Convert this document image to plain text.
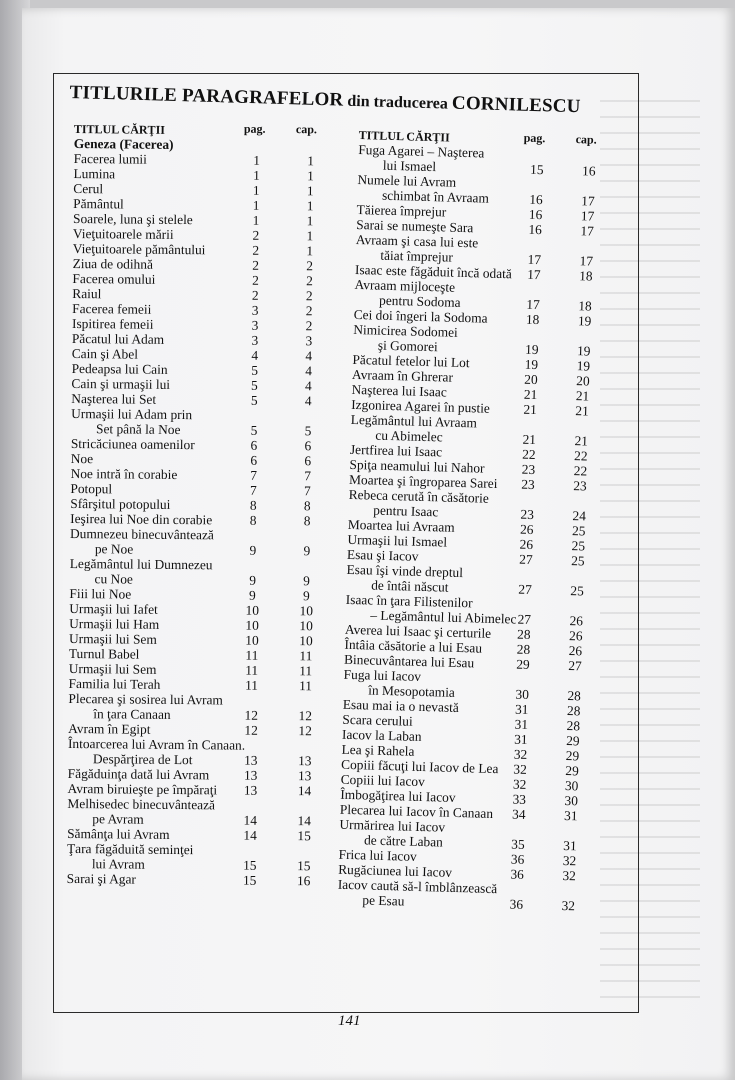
TITLURILE PARAGRAFELOR din traducerea CORNILESCU
TITLUL CĂRŢII	pag.	cap.
Geneza (Facerea)
Facerea lumii	1	1
Lumina	1	1
Cerul	1	1
Pământul	1	1
Soarele, luna şi stelele	1	1
Vieţuitoarele mării	2	1
Vieţuitoarele pământului	2	1
Ziua de odihnă	2	2
Facerea omului	2	2
Raiul	2	2
Facerea femeii	3	2
Ispitirea femeii	3	2
Păcatul lui Adam	3	3
Cain şi Abel	4	4
Pedeapsa lui Cain	5	4
Cain şi urmaşii lui	5	4
Naşterea lui Set	5	4
Urmaşii lui Adam prin
Set până la Noe	5	5
Stricăciunea oamenilor	6	6
Noe	6	6
Noe intră în corabie	7	7
Potopul	7	7
Sfârşitul potopului	8	8
Ieşirea lui Noe din corabie	8	8
Dumnezeu binecuvântează
pe Noe	9	9
Legământul lui Dumnezeu
cu Noe	9	9
Fiii lui Noe	9	9
Urmaşii lui Iafet	10	10
Urmaşii lui Ham	10	10
Urmaşii lui Sem	10	10
Turnul Babel	11	11
Urmaşii lui Sem	11	11
Familia lui Terah	11	11
Plecarea şi sosirea lui Avram
în ţara Canaan	12	12
Avram în Egipt	12	12
Întoarcerea lui Avram în Canaan.
Despărţirea de Lot	13	13
Făgăduinţa dată lui Avram	13	13
Avram biruieşte pe împăraţi	13	14
Melhisedec binecuvântează
pe Avram	14	14
Sămânţa lui Avram	14	15
Ţara făgăduită seminţei
lui Avram	15	15
Sarai şi Agar	15	16
TITLUL CĂRŢII	pag. cap.
Fuga Agarei – Naşterea
lui Ismael	15	16
Numele lui Avram
schimbat în Avraam	16	17
Tăierea împrejur	16	17
Sarai se numeşte Sara	16	17
Avraam şi casa lui este
tăiat împrejur	17	17
Isaac este făgăduit încă odată	17	18
Avraam mijloceşte
pentru Sodoma	17	18
Cei doi îngeri la Sodoma	18	19
Nimicirea Sodomei
şi Gomorei	19	19
Păcatul fetelor lui Lot	19	19
Avraam în Ghrerar	20	20
Naşterea lui Isaac	21	21
Izgonirea Agarei în pustie	21	21
Legământul lui Avraam
cu Abimelec	21	21
Jertfirea lui Isaac	22	22
Spiţa neamului lui Nahor	23	22
Moartea şi îngroparea Sarei	23	23
Rebeca cerută în căsătorie
pentru Isaac	23	24
Moartea lui Avraam	26	25
Urmaşii lui Ismael	26	25
Esau şi Iacov	27	25
Esau îşi vinde dreptul
de întâi născut	27	25
Isaac în ţara Filistenilor
– Legământul lui Abimelec 27	26
Averea lui Isaac şi certurile	28	26
Întâia căsătorie a lui Esau	28	26
Binecuvântarea lui Esau	29	27
Fuga lui Iacov
în Mesopotamia	30	28
Esau mai ia o nevastă	31	28
Scara cerului	31	28
Iacov la Laban	31	29
Lea şi Rahela	32	29
Copiii făcuţi lui Iacov de Lea	32	29
Copiii lui Iacov	32	30
Îmbogăţirea lui Iacov	33	30
Plecarea lui Iacov în Canaan	34	31
Urmărirea lui Iacov
de către Laban	35	31
Frica lui Iacov	36	32
Rugăciunea lui Iacov	36	32
Iacov caută să-l îmblânzească
pe Esau	36	32
141
